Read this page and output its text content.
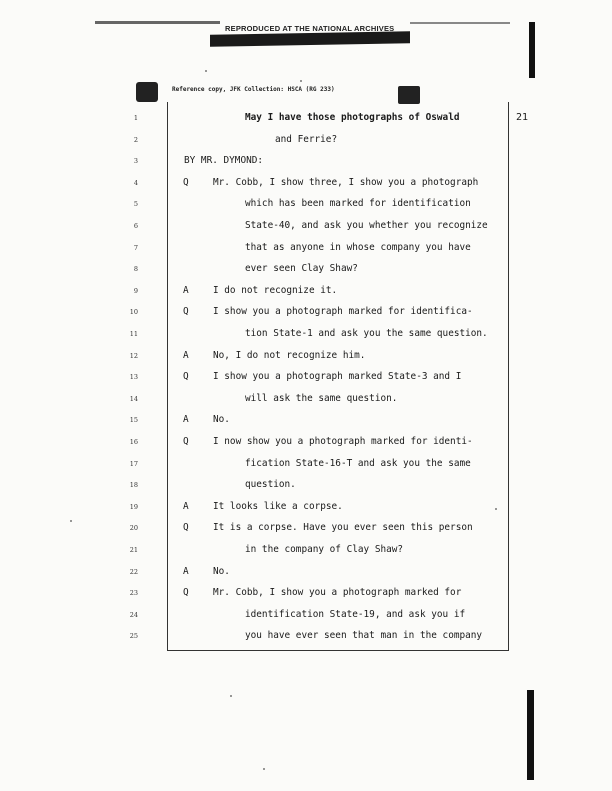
REPRODUCED AT THE NATIONAL ARCHIVES
Reference copy, JFK Collection: HSCA (RG 233)
21
1	May I have those photographs of Oswald
2	and Ferrie?
3	BY MR. DYMOND:
4	Q	Mr. Cobb, I show three, I show you a photograph
5	which has been marked for identification
6	State-40, and ask you whether you recognize
7	that as anyone in whose company you have
8	ever seen Clay Shaw?
9	A	I do not recognize it.
10	Q	I show you a photograph marked for identifica-
11	tion State-1 and ask you the same question.
12	A	No, I do not recognize him.
13	Q	I show you a photograph marked State-3 and I
14	will ask the same question.
15	A	No.
16	Q	I now show you a photograph marked for identi-
17	fication State-16-T and ask you the same
18	question.
19	A	It looks like a corpse.
20	Q	It is a corpse. Have you ever seen this person
21	in the company of Clay Shaw?
22	A	No.
23	Q	Mr. Cobb, I show you a photograph marked for
24	identification State-19, and ask you if
25	you have ever seen that man in the company
